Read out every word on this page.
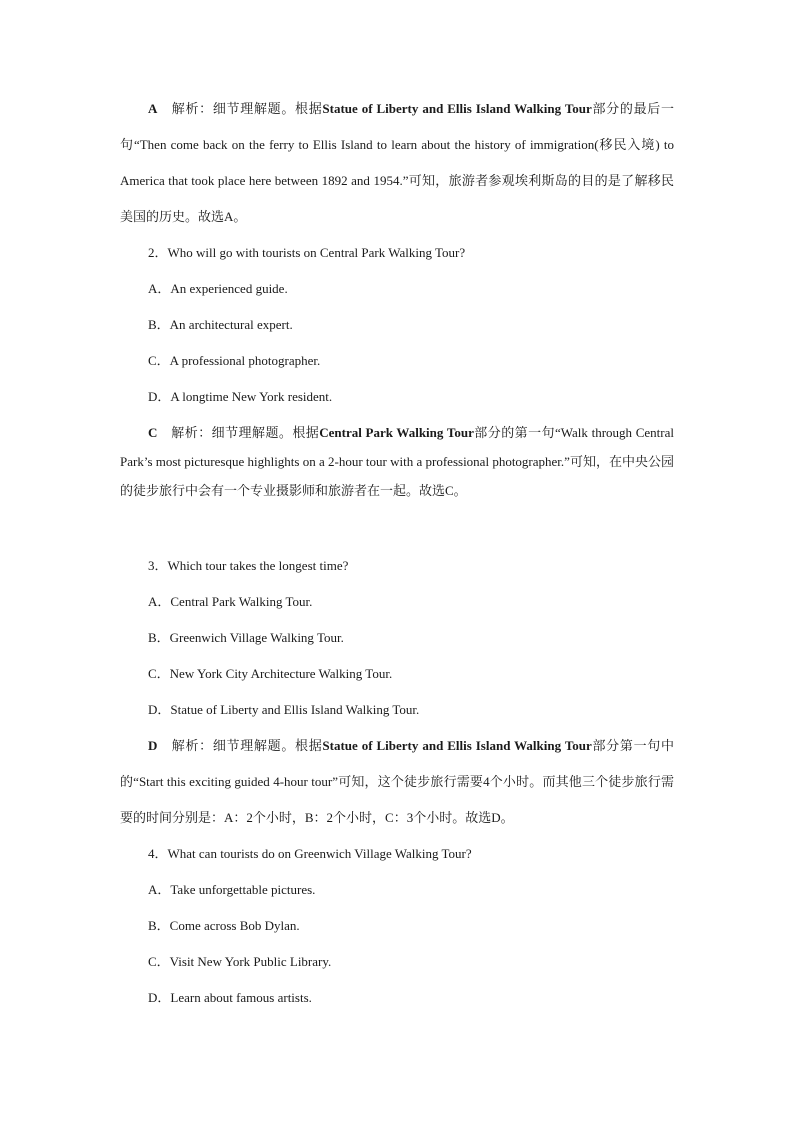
A　 解析：细节理解题。根据Statue of Liberty and Ellis Island Walking Tour部分的最后一句“Then come back on the ferry to Ellis Island to learn about the history of immigration(移民入境) to America that took place here between 1892 and 1954.”可知，旅游者参观埃利斯岛的目的是了解移民美国的历史。故选A。

2．Who will go with tourists on Central Park Walking Tour?

A．An experienced guide.

B．An architectural expert.

C．A professional photographer.

D．A longtime New York resident.

C　 解析：细节理解题。根据Central Park Walking Tour部分的第一句“Walk through Central Park’s most picturesque highlights on a 2-hour tour with a professional photographer.”可知，在中央公园的徒步旅行中会有一个专业摄影师和旅游者在一起。故选C。

3．Which tour takes the longest time?

A．Central Park Walking Tour.

B．Greenwich Village Walking Tour.

C．New York City Architecture Walking Tour.

D．Statue of Liberty and Ellis Island Walking Tour.

D　 解析：细节理解题。根据Statue of Liberty and Ellis Island Walking Tour部分第一句中的“Start this exciting guided 4-hour tour”可知，这个徒步旅行需要4个小时。而其他三个徒步旅行需要的时间分别是：A：2个小时，B：2个小时，C：3个小时。故选D。

4．What can tourists do on Greenwich Village Walking Tour?

A．Take unforgettable pictures.

B．Come across Bob Dylan.

C．Visit New York Public Library.

D．Learn about famous artists.
